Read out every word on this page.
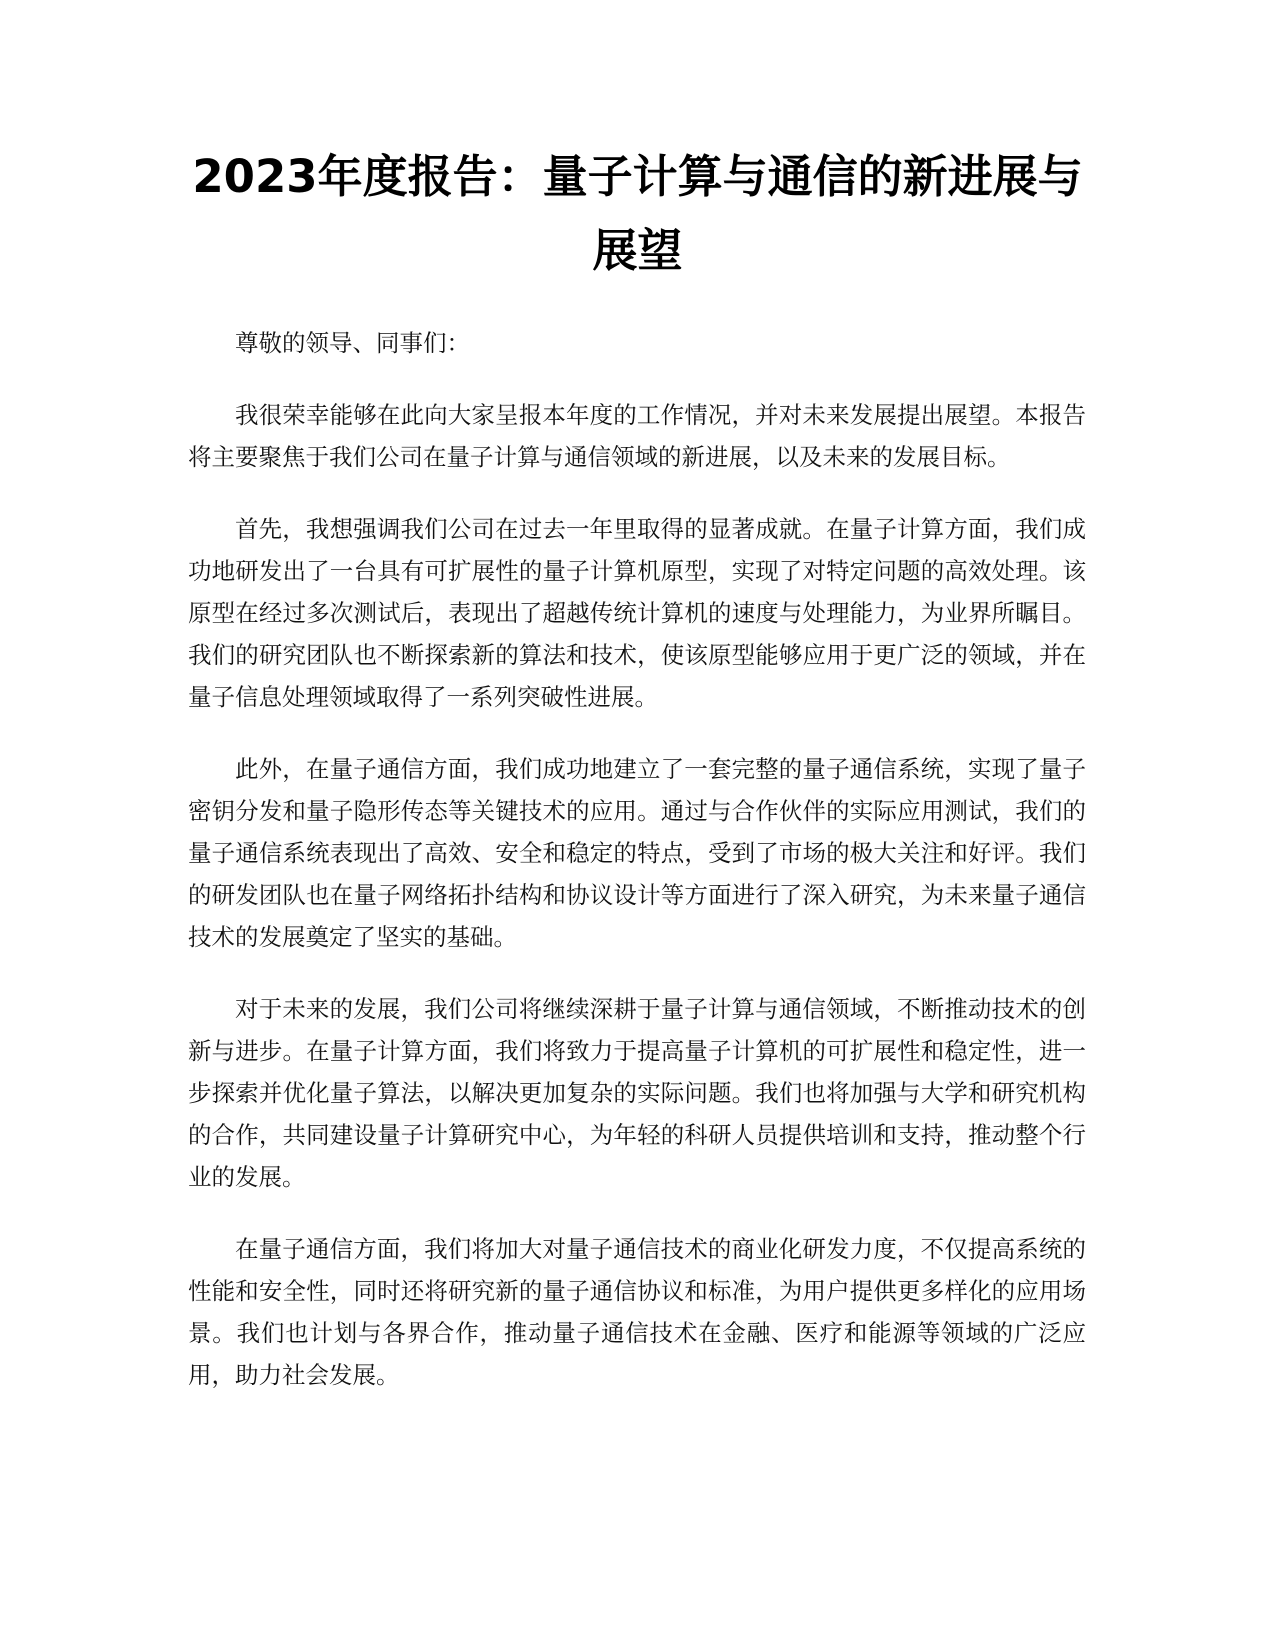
2023年度报告：量子计算与通信的新进展与展望

尊敬的领导、同事们：

我很荣幸能够在此向大家呈报本年度的工作情况，并对未来发展提出展望。本报告将主要聚焦于我们公司在量子计算与通信领域的新进展，以及未来的发展目标。

首先，我想强调我们公司在过去一年里取得的显著成就。在量子计算方面，我们成功地研发出了一台具有可扩展性的量子计算机原型，实现了对特定问题的高效处理。该原型在经过多次测试后，表现出了超越传统计算机的速度与处理能力，为业界所瞩目。我们的研究团队也不断探索新的算法和技术，使该原型能够应用于更广泛的领域，并在量子信息处理领域取得了一系列突破性进展。

此外，在量子通信方面，我们成功地建立了一套完整的量子通信系统，实现了量子密钥分发和量子隐形传态等关键技术的应用。通过与合作伙伴的实际应用测试，我们的量子通信系统表现出了高效、安全和稳定的特点，受到了市场的极大关注和好评。我们的研发团队也在量子网络拓扑结构和协议设计等方面进行了深入研究，为未来量子通信技术的发展奠定了坚实的基础。

对于未来的发展，我们公司将继续深耕于量子计算与通信领域，不断推动技术的创新与进步。在量子计算方面，我们将致力于提高量子计算机的可扩展性和稳定性，进一步探索并优化量子算法，以解决更加复杂的实际问题。我们也将加强与大学和研究机构的合作，共同建设量子计算研究中心，为年轻的科研人员提供培训和支持，推动整个行业的发展。

在量子通信方面，我们将加大对量子通信技术的商业化研发力度，不仅提高系统的性能和安全性，同时还将研究新的量子通信协议和标准，为用户提供更多样化的应用场景。我们也计划与各界合作，推动量子通信技术在金融、医疗和能源等领域的广泛应用，助力社会发展。
